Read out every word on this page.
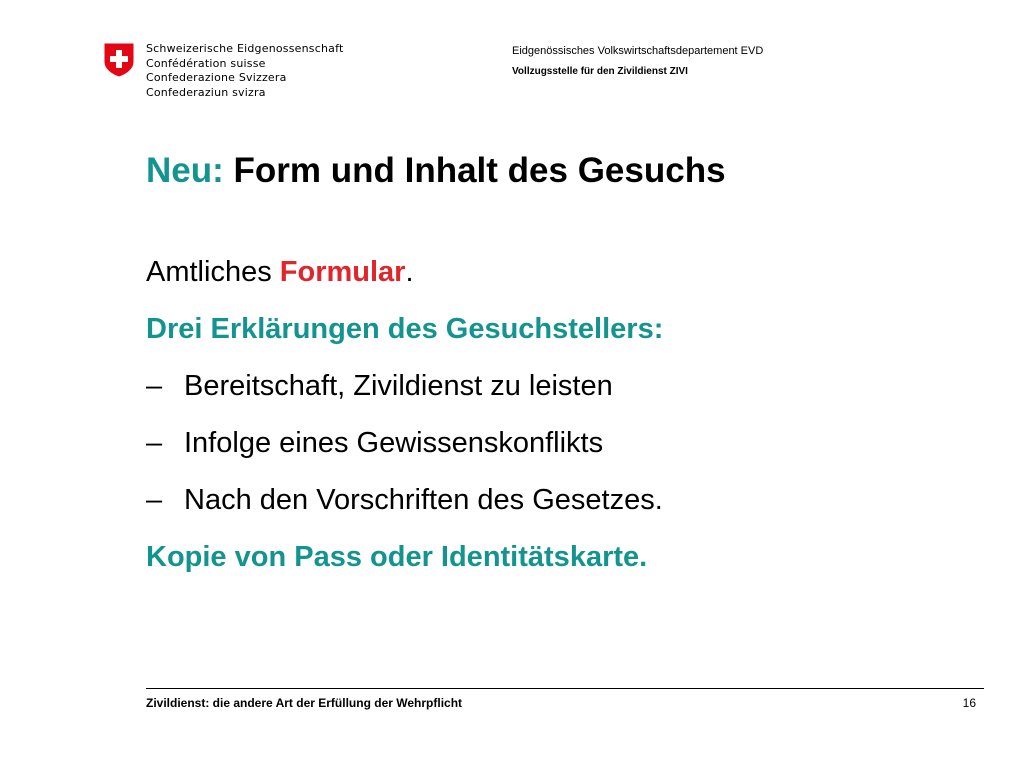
Schweizerische Eidgenossenschaft
Confédération suisse
Confederazione Svizzera
Confederaziun svizra
Eidgenössisches Volkswirtschaftsdepartement EVD
Vollzugsstelle für den Zivildienst ZIVI
Neu: Form und Inhalt des Gesuchs
Amtliches Formular.
Drei Erklärungen des Gesuchstellers:
– Bereitschaft, Zivildienst zu leisten
– Infolge eines Gewissenskonflikts
– Nach den Vorschriften des Gesetzes.
Kopie von Pass oder Identitätskarte.
Zivildienst: die andere Art der Erfüllung der Wehrpflicht	16
